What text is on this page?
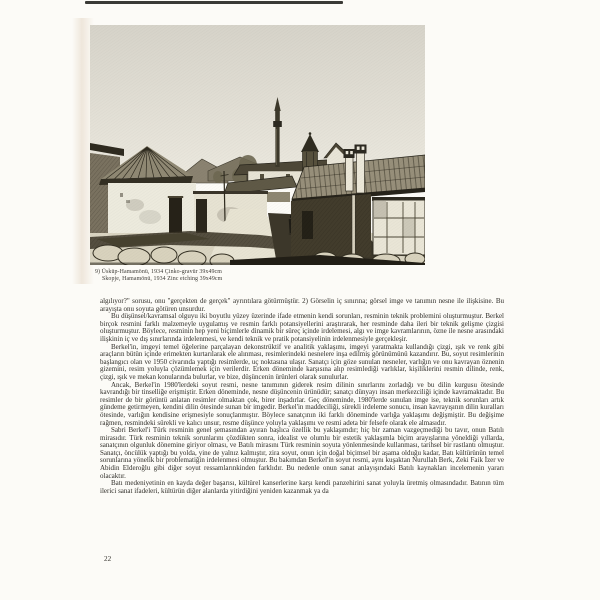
9) Üsküp-Hamamönü, 1934 Çinko-gravür 39x49cm
Skopje, Hamamönü, 1934 Zinc etching 39x49cm

algılıyor?" sorusu, onu "gerçekten de gerçek" ayrıntılara götürmüştür. 2) Görselin iç sınırına; görsel imge ve tanımın nesne ile ilişkisine. Bu arayışta onu soyuta götüren unsurdur.

Bu düşünsel/kavramsal olguyu iki boyutlu yüzey üzerinde ifade etmenin kendi sorunları, resminin teknik problemini oluşturmuştur. Berkel birçok resmini farklı malzemeyle uygulamış ve resmin farklı potansiyellerini araştırarak, her resminde daha ileri bir teknik gelişme çizgisi oluşturmuştur. Böylece, resminin hep yeni biçimlerle dinamik bir süreç içinde irdelemesi, algı ve imge kavramlarının, özne ile nesne arasındaki ilişkinin iç ve dış sınırlarında irdelenmesi, ve kendi teknik ve pratik potansiyelinin irdelenmesiyle gerçekleşir.

Berkel'in, imgeyi temel öğelerine parçalayan dekonstrüktif ve analitik yaklaşımı, imgeyi yaratmakta kullandığı çizgi, ışık ve renk gibi araçların bütün içinde erimekten kurtarılarak ele alınması, resimlerindeki nesnelere inşa edilmiş görünümünü kazandırır. Bu, soyut resimlerinin başlangıcı olan ve 1950 civarında yaptığı resimlerde, uç noktasına ulaşır. Sanatçı için göze sunulan nesneler, varlığın ve onu kavrayan öznenin gizemini, resim yoluyla çözümlemek için verilerdir. Erken döneminde karşısına alıp resimlediği varlıklar, kişiliklerini resmin dilinde, renk, çizgi, ışık ve mekan konularında bulurlar, ve bize, düşüncenin ürünleri olarak sunulurlar.

Ancak, Berkel'in 1980'lerdeki soyut resmi, nesne tanımının giderek resim dilinin sınırlarını zorladığı ve bu dilin kurgusu ötesinde kavrandığı bir tinselliğe erişmiştir. Erken döneminde, nesne düşüncenin ürünüdür; sanatçı dünyayı insan merkezciliği içinde kavramaktadır. Bu resimler de bir görüntü anlatan resimler olmaktan çok, birer inşadırlar. Geç döneminde, 1980'lerde sunulan imge ise, teknik sorunları artık gündeme getirmeyen, kendini dilin ötesinde sunan bir imgedir. Berkel'in maddeciliği, sürekli irdeleme sonucu, insan kavrayışının dilin kuralları ötesinde, varlığın kendisine erişmesiyle sonuçlanmıştır. Böylece sanatçının iki farklı döneminde varlığa yaklaşımı değişmiştir. Bu değişime rağmen, resmindeki sürekli ve kalıcı unsur, resme düşünce yoluyla yaklaşımı ve resmi adeta bir felsefe olarak ele almasıdır.

Sabri Berkel'i Türk resminin genel şemasından ayıran başlıca özellik bu yaklaşımdır; hiç bir zaman vazgeçmediği bu tavır, onun Batılı mirasıdır. Türk resminin teknik sorunlarını çözdükten sonra, idealist ve olumlu bir estetik yaklaşımla biçim arayışlarına yöneldiği yıllarda, sanatçının olgunluk dönemine giriyor olması, ve Batılı mirasını Türk resminin soyuta yönlenmesinde kullanması, tarihsel bir rastlantı olmuştur. Sanatçı, öncülük yaptığı bu yolda, yine de yalnız kalmıştır, zira soyut, onun için doğal biçimsel bir aşama olduğu kadar, Batı kültürünün temel sorunlarına yönelik bir problematiğin irdelenmesi olmuştur. Bu bakımdan Berkel'in soyut resmi, aynı kuşaktan Nurullah Berk, Zeki Faik İzer ve Abidin Elderoğlu gibi diğer soyut ressamlarınkinden farklıdır. Bu nedenle onun sanat anlayışındaki Batılı kaynakları incelemenin yararı olacaktır.

Batı medeniyetinin en kayda değer başarısı, kültürel kanserlerine karşı kendi panzehirini sanat yoluyla üretmiş olmasındadır. Batının tüm ilerici sanat ifadeleri, kültürün diğer alanlarda yitirdiğini yeniden kazanmak ya da

22
